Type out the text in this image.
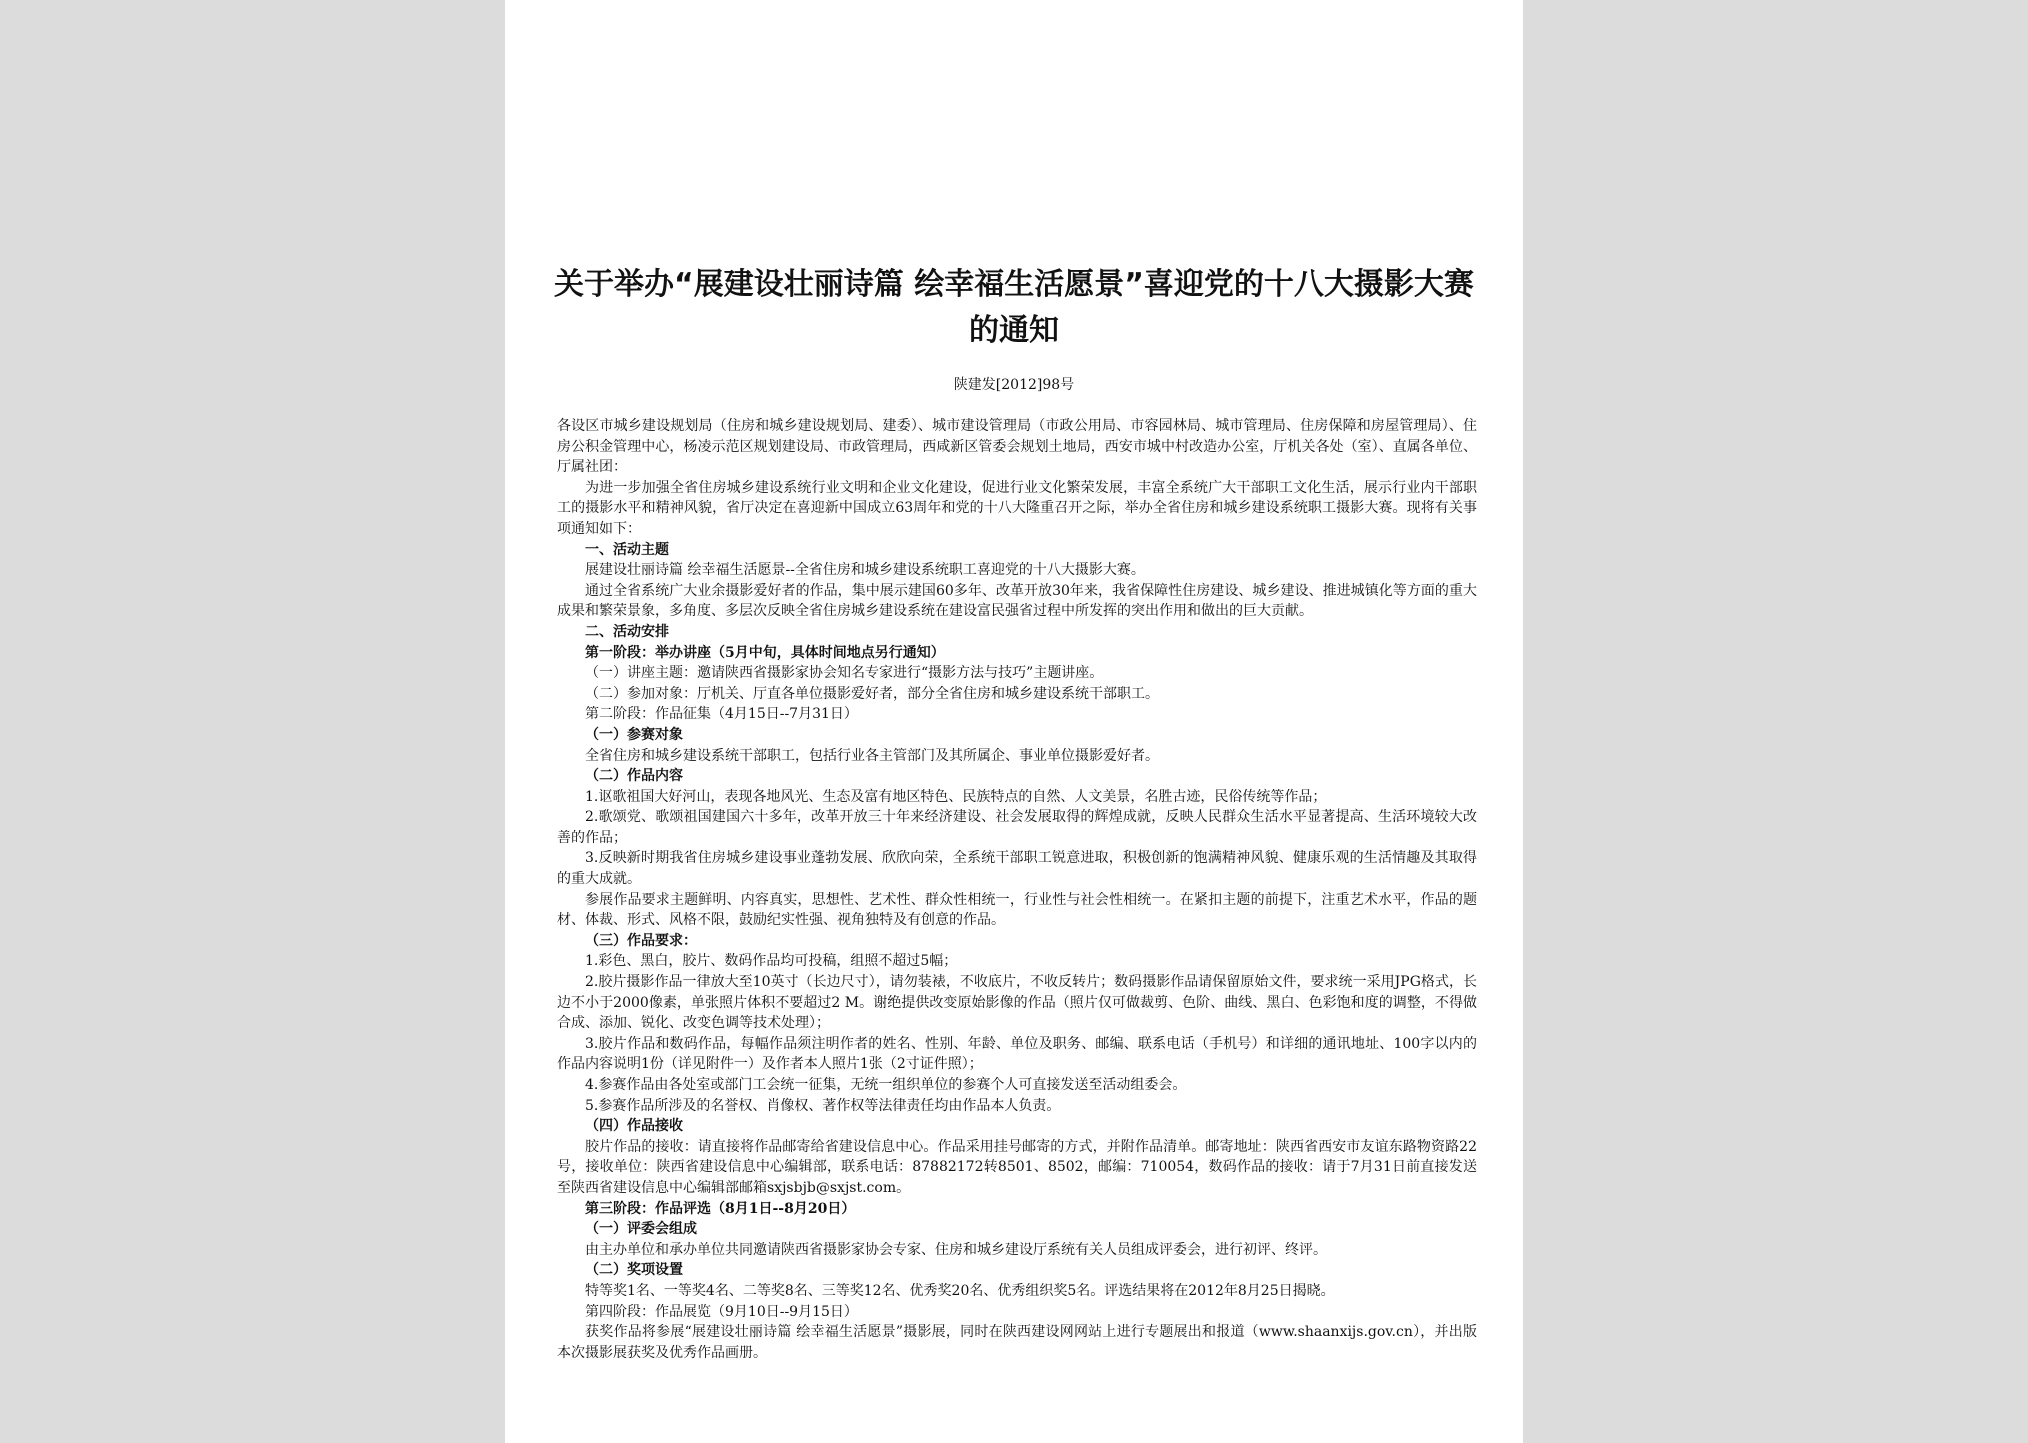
关于举办“展建设壮丽诗篇 绘幸福生活愿景”喜迎党的十八大摄影大赛的通知
陕建发[2012]98号

各设区市城乡建设规划局（住房和城乡建设规划局、建委）、城市建设管理局（市政公用局、市容园林局、城市管理局、住房保障和房屋管理局）、住房公积金管理中心，杨凌示范区规划建设局、市政管理局，西咸新区管委会规划土地局，西安市城中村改造办公室，厅机关各处（室）、直属各单位、厅属社团：

为进一步加强全省住房城乡建设系统行业文明和企业文化建设，促进行业文化繁荣发展，丰富全系统广大干部职工文化生活，展示行业内干部职工的摄影水平和精神风貌，省厅决定在喜迎新中国成立63周年和党的十八大隆重召开之际，举办全省住房和城乡建设系统职工摄影大赛。现将有关事项通知如下：

一、活动主题

展建设壮丽诗篇 绘幸福生活愿景--全省住房和城乡建设系统职工喜迎党的十八大摄影大赛。

通过全省系统广大业余摄影爱好者的作品，集中展示建国60多年、改革开放30年来，我省保障性住房建设、城乡建设、推进城镇化等方面的重大成果和繁荣景象，多角度、多层次反映全省住房城乡建设系统在建设富民强省过程中所发挥的突出作用和做出的巨大贡献。

二、活动安排

第一阶段：举办讲座（5月中旬，具体时间地点另行通知）

（一）讲座主题：邀请陕西省摄影家协会知名专家进行“摄影方法与技巧”主题讲座。

（二）参加对象：厅机关、厅直各单位摄影爱好者，部分全省住房和城乡建设系统干部职工。

第二阶段：作品征集（4月15日--7月31日）

（一）参赛对象

全省住房和城乡建设系统干部职工，包括行业各主管部门及其所属企、事业单位摄影爱好者。

（二）作品内容

1.讴歌祖国大好河山，表现各地风光、生态及富有地区特色、民族特点的自然、人文美景，名胜古迹，民俗传统等作品；

2.歌颂党、歌颂祖国建国六十多年，改革开放三十年来经济建设、社会发展取得的辉煌成就，反映人民群众生活水平显著提高、生活环境较大改善的作品；

3.反映新时期我省住房城乡建设事业蓬勃发展、欣欣向荣，全系统干部职工锐意进取，积极创新的饱满精神风貌、健康乐观的生活情趣及其取得的重大成就。

参展作品要求主题鲜明、内容真实，思想性、艺术性、群众性相统一，行业性与社会性相统一。在紧扣主题的前提下，注重艺术水平，作品的题材、体裁、形式、风格不限，鼓励纪实性强、视角独特及有创意的作品。

（三）作品要求：

1.彩色、黑白，胶片、数码作品均可投稿，组照不超过5幅；

2.胶片摄影作品一律放大至10英寸（长边尺寸），请勿装裱，不收底片，不收反转片；数码摄影作品请保留原始文件，要求统一采用JPG格式，长边不小于2000像素，单张照片体积不要超过2 M。谢绝提供改变原始影像的作品（照片仅可做裁剪、色阶、曲线、黑白、色彩饱和度的调整，不得做合成、添加、锐化、改变色调等技术处理）；

3.胶片作品和数码作品，每幅作品须注明作者的姓名、性别、年龄、单位及职务、邮编、联系电话（手机号）和详细的通讯地址、100字以内的作品内容说明1份（详见附件一）及作者本人照片1张（2寸证件照）；

4.参赛作品由各处室或部门工会统一征集，无统一组织单位的参赛个人可直接发送至活动组委会。

5.参赛作品所涉及的名誉权、肖像权、著作权等法律责任均由作品本人负责。

（四）作品接收

胶片作品的接收：请直接将作品邮寄给省建设信息中心。作品采用挂号邮寄的方式，并附作品清单。邮寄地址：陕西省西安市友谊东路物资路22号，接收单位：陕西省建设信息中心编辑部，联系电话：87882172转8501、8502，邮编：710054，数码作品的接收：请于7月31日前直接发送至陕西省建设信息中心编辑部邮箱sxjsbjb@sxjst.com。

第三阶段：作品评选（8月1日--8月20日）

（一）评委会组成

由主办单位和承办单位共同邀请陕西省摄影家协会专家、住房和城乡建设厅系统有关人员组成评委会，进行初评、终评。

（二）奖项设置

特等奖1名、一等奖4名、二等奖8名、三等奖12名、优秀奖20名、优秀组织奖5名。评选结果将在2012年8月25日揭晓。

第四阶段：作品展览（9月10日--9月15日）

获奖作品将参展“展建设壮丽诗篇 绘幸福生活愿景”摄影展，同时在陕西建设网网站上进行专题展出和报道（www.shaanxijs.gov.cn），并出版本次摄影展获奖及优秀作品画册。
